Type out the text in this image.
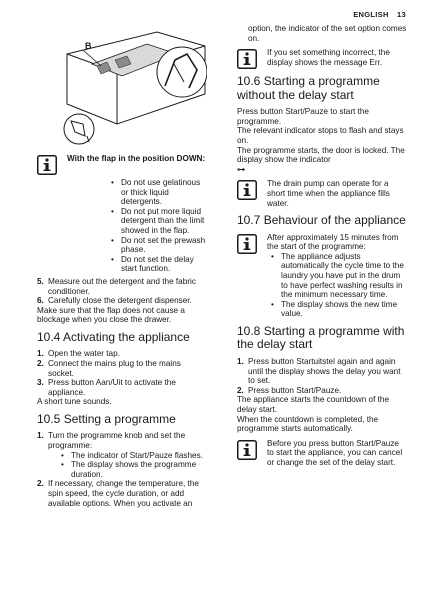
ENGLISH 13
B

With the flap in the position DOWN:

• Do not use gelatinous or thick liquid detergents.
• Do not put more liquid detergent than the limit showed in the flap.
• Do not set the prewash phase.
• Do not set the delay start function.
5. Measure out the detergent and the fabric conditioner.
6. Carefully close the detergent dispenser.

Make sure that the flap does not cause a blockage when you close the drawer.

10.4 Activating the appliance
1. Open the water tap.
2. Connect the mains plug to the mains socket.
3. Press button Aan/Uit to activate the appliance.

A short tune sounds.

10.5 Setting a programme
1. Turn the programme knob and set the programme:
• The indicator of Start/Pauze flashes.
• The display shows the programme duration.
2. If necessary, change the temperature, the spin speed, the cycle duration, or add available options. When you activate an

option, the indicator of the set option comes on.

If you set something incorrect, the display shows the message Err.

10.6 Starting a programme without the delay start

Press button Start/Pauze to start the programme.

The relevant indicator stops to flash and stays on.

The programme starts, the door is locked. The display show the indicator
⊶

The drain pump can operate for a short time when the appliance fills water.

10.7 Behaviour of the appliance

After approximately 15 minutes from the start of the programme:

• The appliance adjusts automatically the cycle time to the laundry you have put in the drum to have perfect washing results in the minimum necessary time.
• The display shows the new time value.
10.8 Starting a programme with the delay start
1. Press button Startuitstel again and again until the display shows the delay you want to set.
2. Press button Start/Pauze.

The appliance starts the countdown of the delay start.

When the countdown is completed, the programme starts automatically.

Before you press button Start/Pauze to start the appliance, you can cancel or change the set of the delay start.
